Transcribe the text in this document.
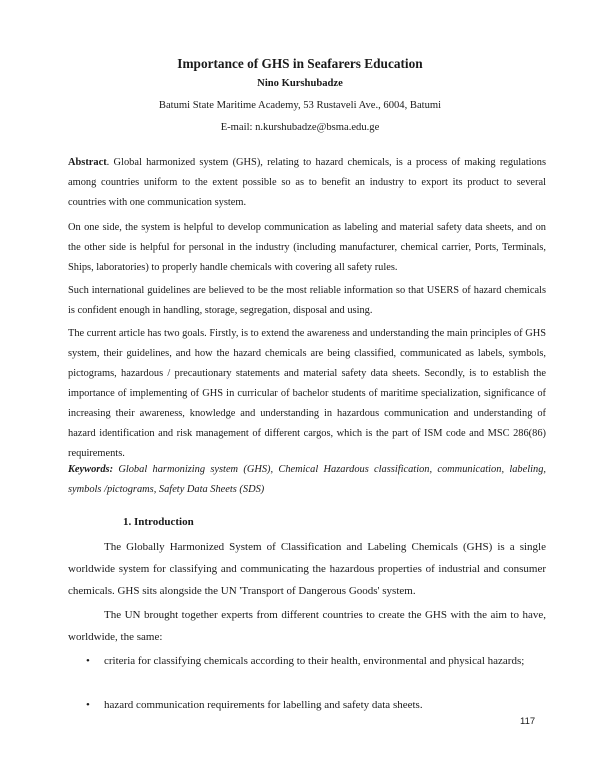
Importance of GHS in Seafarers Education
Nino Kurshubadze
Batumi State Maritime Academy, 53 Rustaveli Ave., 6004, Batumi
E-mail: n.kurshubadze@bsma.edu.ge

Abstract. Global harmonized system (GHS), relating to hazard chemicals, is a process of making regulations among countries uniform to the extent possible so as to benefit an industry to export its product to several countries with one communication system.

On one side, the system is helpful to develop communication as labeling and material safety data sheets, and on the other side is helpful for personal in the industry (including manufacturer, chemical carrier, Ports, Terminals, Ships, laboratories) to properly handle chemicals with covering all safety rules.

Such international guidelines are believed to be the most reliable information so that USERS of hazard chemicals is confident enough in handling, storage, segregation, disposal and using.

The current article has two goals. Firstly, is to extend the awareness and understanding the main principles of GHS system, their guidelines, and how the hazard chemicals are being classified, communicated as labels, symbols, pictograms, hazardous / precautionary statements and material safety data sheets. Secondly, is to establish the importance of implementing of GHS in curricular of bachelor students of maritime specialization, significance of increasing their awareness, knowledge and understanding in hazardous communication and understanding of hazard identification and risk management of different cargos, which is the part of ISM code and MSC 286(86) requirements.

Keywords: Global harmonizing system (GHS), Chemical Hazardous classification, communication, labeling, symbols /pictograms, Safety Data Sheets (SDS)

1. Introduction

The Globally Harmonized System of Classification and Labeling Chemicals (GHS) is a single worldwide system for classifying and communicating the hazardous properties of industrial and consumer chemicals. GHS sits alongside the UN 'Transport of Dangerous Goods' system.

The UN brought together experts from different countries to create the GHS with the aim to have, worldwide, the same:

•	criteria for classifying chemicals according to their health, environmental and physical hazards;
•	hazard communication requirements for labelling and safety data sheets.
117
